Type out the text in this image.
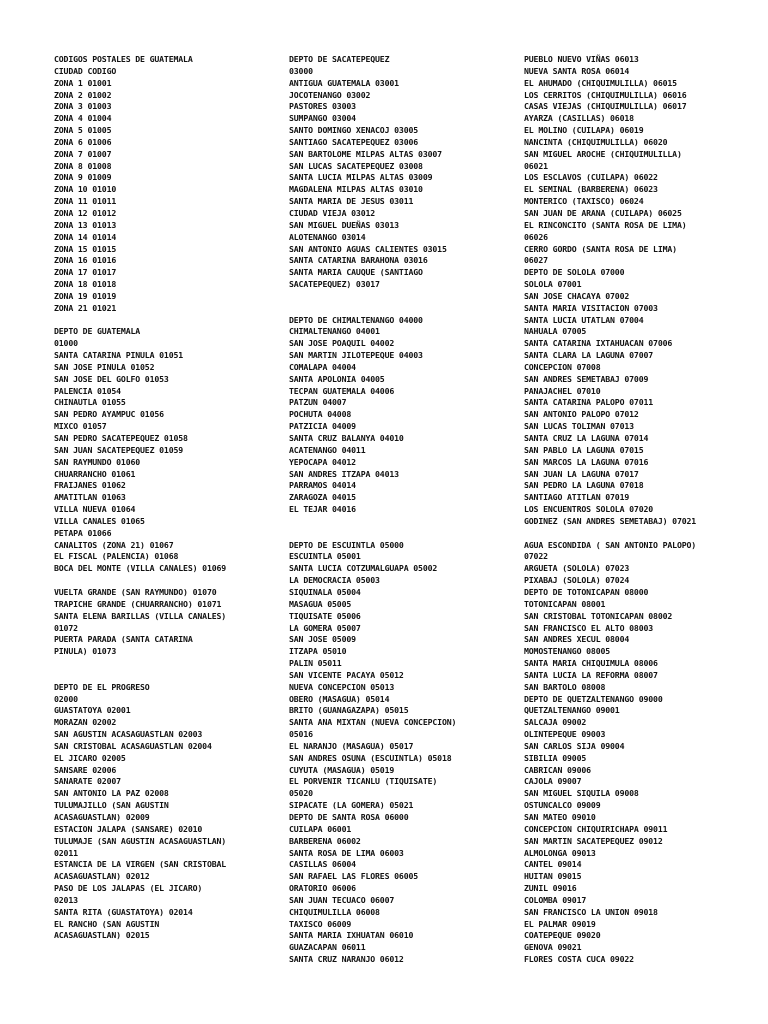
CODIGOS POSTALES DE GUATEMALA
CIUDAD CODIGO
ZONA 1 01001
ZONA 2 01002
ZONA 3 01003
ZONA 4 01004
ZONA 5 01005
ZONA 6 01006
ZONA 7 01007
ZONA 8 01008
ZONA 9 01009
ZONA 10 01010
ZONA 11 01011
ZONA 12 01012
ZONA 13 01013
ZONA 14 01014
ZONA 15 01015
ZONA 16 01016
ZONA 17 01017
ZONA 18 01018
ZONA 19 01019
ZONA 21 01021
DEPTO DE GUATEMALA
01000
SANTA CATARINA PINULA 01051
SAN JOSE PINULA 01052
SAN JOSE DEL GOLFO 01053
PALENCIA 01054
CHINAUTLA 01055
SAN PEDRO AYAMPUC 01056
MIXCO 01057
SAN PEDRO SACATEPEQUEZ 01058
SAN JUAN SACATEPEQUEZ 01059
SAN RAYMUNDO 01060
CHUARRANCHO 01061
FRAIJANES 01062
AMATITLAN 01063
VILLA NUEVA 01064
VILLA CANALES 01065
PETAPA 01066
CANALITOS (ZONA 21) 01067
EL FISCAL (PALENCIA) 01068
BOCA DEL MONTE (VILLA CANALES) 01069
VUELTA GRANDE (SAN RAYMUNDO) 01070
TRAPICHE GRANDE (CHUARRANCHO) 01071
SANTA ELENA BARILLAS (VILLA CANALES)
01072
PUERTA PARADA (SANTA CATARINA
PINULA) 01073
DEPTO DE EL PROGRESO
02000
GUASTATOYA 02001
MORAZAN 02002
SAN AGUSTIN ACASAGUASTLAN 02003
SAN CRISTOBAL ACASAGUASTLAN 02004
EL JICARO 02005
SANSARE 02006
SANARATE 02007
SAN ANTONIO LA PAZ 02008
TULUMAJILLO (SAN AGUSTIN
ACASAGUASTLAN) 02009
ESTACION JALAPA (SANSARE) 02010
TULUMAJE (SAN AGUSTIN ACASAGUASTLAN)
02011
ESTANCIA DE LA VIRGEN (SAN CRISTOBAL
ACASAGUASTLAN) 02012
PASO DE LOS JALAPAS (EL JICARO)
02013
SANTA RITA (GUASTATOYA) 02014
EL RANCHO (SAN AGUSTIN
ACASAGUASTLAN) 02015
DEPTO DE SACATEPEQUEZ
03000
ANTIGUA GUATEMALA 03001
JOCOTENANGO 03002
PASTORES 03003
SUMPANGO 03004
SANTO DOMINGO XENACOJ 03005
SANTIAGO SACATEPEQUEZ 03006
SAN BARTOLOME MILPAS ALTAS 03007
SAN LUCAS SACATEPEQUEZ 03008
SANTA LUCIA MILPAS ALTAS 03009
MAGDALENA MILPAS ALTAS 03010
SANTA MARIA DE JESUS 03011
CIUDAD VIEJA 03012
SAN MIGUEL DUEÑAS 03013
ALOTENANGO 03014
SAN ANTONIO AGUAS CALIENTES 03015
SANTA CATARINA BARAHONA 03016
SANTA MARIA CAUQUE (SANTIAGO
SACATEPEQUEZ) 03017
DEPTO DE CHIMALTENANGO 04000
CHIMALTENANGO 04001
SAN JOSE POAQUIL 04002
SAN MARTIN JILOTEPEQUE 04003
COMALAPA 04004
SANTA APOLONIA 04005
TECPAN GUATEMALA 04006
PATZUN 04007
POCHUTA 04008
PATZICIA 04009
SANTA CRUZ BALANYA 04010
ACATENANGO 04011
YEPOCAPA 04012
SAN ANDRES ITZAPA 04013
PARRAMOS 04014
ZARAGOZA 04015
EL TEJAR 04016
DEPTO DE ESCUINTLA 05000
ESCUINTLA 05001
SANTA LUCIA COTZUMALGUAPA 05002
LA DEMOCRACIA 05003
SIQUINALA 05004
MASAGUA 05005
TIQUISATE 05006
LA GOMERA 05007
SAN JOSE 05009
ITZAPA 05010
PALIN 05011
SAN VICENTE PACAYA 05012
NUEVA CONCEPCION 05013
OBERO (MASAGUA) 05014
BRITO (GUANAGAZAPA) 05015
SANTA ANA MIXTAN (NUEVA CONCEPCION)
05016
EL NARANJO (MASAGUA) 05017
SAN ANDRES OSUNA (ESCUINTLA) 05018
CUYUTA (MASAGUA) 05019
EL PORVENIR TICANLU (TIQUISATE)
05020
SIPACATE (LA GOMERA) 05021
DEPTO DE SANTA ROSA 06000
CUILAPA 06001
BARBERENA 06002
SANTA ROSA DE LIMA 06003
CASILLAS 06004
SAN RAFAEL LAS FLORES 06005
ORATORIO 06006
SAN JUAN TECUACO 06007
CHIQUIMULILLA 06008
TAXISCO 06009
SANTA MARIA IXHUATAN 06010
GUAZACAPAN 06011
SANTA CRUZ NARANJO 06012
PUEBLO NUEVO VIÑAS 06013
NUEVA SANTA ROSA 06014
EL AHUMADO (CHIQUIMULILLA) 06015
LOS CERRITOS (CHIQUIMULILLA) 06016
CASAS VIEJAS (CHIQUIMULILLA) 06017
AYARZA (CASILLAS) 06018
EL MOLINO (CUILAPA) 06019
NANCINTA (CHIQUIMULILLA) 06020
SAN MIGUEL AROCHE (CHIQUIMULILLA)
06021
LOS ESCLAVOS (CUILAPA) 06022
EL SEMINAL (BARBERENA) 06023
MONTERICO (TAXISCO) 06024
SAN JUAN DE ARANA (CUILAPA) 06025
EL RINCONCITO (SANTA ROSA DE LIMA)
06026
CERRO GORDO (SANTA ROSA DE LIMA)
06027
DEPTO DE SOLOLA 07000
SOLOLA 07001
SAN JOSE CHACAYA 07002
SANTA MARIA VISITACION 07003
SANTA LUCIA UTATLAN 07004
NAHUALA 07005
SANTA CATARINA IXTAHUACAN 07006
SANTA CLARA LA LAGUNA 07007
CONCEPCION 07008
SAN ANDRES SEMETABAJ 07009
PANAJACHEL 07010
SANTA CATARINA PALOPO 07011
SAN ANTONIO PALOPO 07012
SAN LUCAS TOLIMAN 07013
SANTA CRUZ LA LAGUNA 07014
SAN PABLO LA LAGUNA 07015
SAN MARCOS LA LAGUNA 07016
SAN JUAN LA LAGUNA 07017
SAN PEDRO LA LAGUNA 07018
SANTIAGO ATITLAN 07019
LOS ENCUENTROS SOLOLA 07020
GODINEZ (SAN ANDRES SEMETABAJ) 07021
AGUA ESCONDIDA ( SAN ANTONIO PALOPO)
07022
ARGUETA (SOLOLA) 07023
PIXABAJ (SOLOLA) 07024
DEPTO DE TOTONICAPAN 08000
TOTONICAPAN 08001
SAN CRISTOBAL TOTONICAPAN 08002
SAN FRANCISCO EL ALTO 08003
SAN ANDRES XECUL 08004
MOMOSTENANGO 08005
SANTA MARIA CHIQUIMULA 08006
SANTA LUCIA LA REFORMA 08007
SAN BARTOLO 08008
DEPTO DE QUETZALTENANGO 09000
QUETZALTENANGO 09001
SALCAJA 09002
OLINTEPEQUE 09003
SAN CARLOS SIJA 09004
SIBILIA 09005
CABRICAN 09006
CAJOLA 09007
SAN MIGUEL SIQUILA 09008
OSTUNCALCO 09009
SAN MATEO 09010
CONCEPCION CHIQUIRICHAPA 09011
SAN MARTIN SACATEPEQUEZ 09012
ALMOLONGA 09013
CANTEL 09014
HUITAN 09015
ZUNIL 09016
COLOMBA 09017
SAN FRANCISCO LA UNION 09018
EL PALMAR 09019
COATEPEQUE 09020
GENOVA 09021
FLORES COSTA CUCA 09022
